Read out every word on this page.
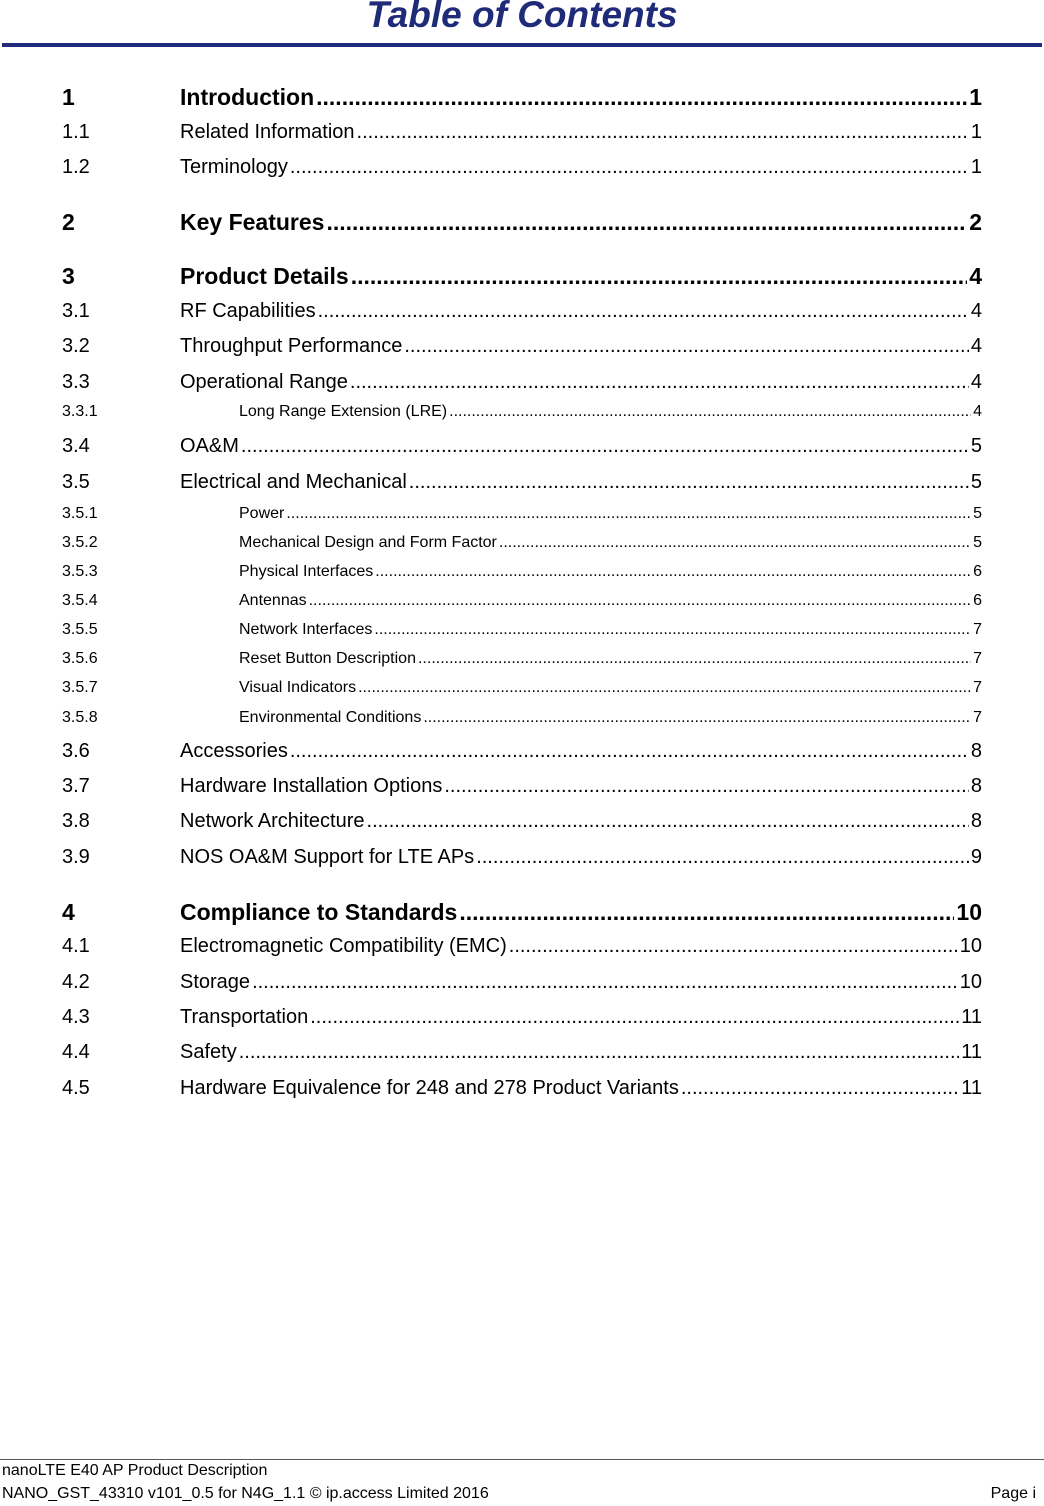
Table of Contents
1	Introduction .....	1
1.1	Related Information .....	1
1.2	Terminology .....	1
2	Key Features .....	2
3	Product Details .....	4
3.1	RF Capabilities .....	4
3.2	Throughput Performance .....	4
3.3	Operational Range .....	4
3.3.1	Long Range Extension (LRE) .....	4
3.4	OA&M .....	5
3.5	Electrical and Mechanical .....	5
3.5.1	Power .....	5
3.5.2	Mechanical Design and Form Factor .....	5
3.5.3	Physical Interfaces .....	6
3.5.4	Antennas .....	6
3.5.5	Network Interfaces .....	7
3.5.6	Reset Button Description .....	7
3.5.7	Visual Indicators .....	7
3.5.8	Environmental Conditions .....	7
3.6	Accessories .....	8
3.7	Hardware Installation Options .....	8
3.8	Network Architecture .....	8
3.9	NOS OA&M Support for LTE APs .....	9
4	Compliance to Standards .....	10
4.1	Electromagnetic Compatibility (EMC) .....	10
4.2	Storage .....	10
4.3	Transportation .....	11
4.4	Safety .....	11
4.5	Hardware Equivalence for 248 and 278 Product Variants .....	11
nanoLTE E40 AP Product Description
NANO_GST_43310 v101_0.5 for N4G_1.1 © ip.access Limited 2016	Page i
